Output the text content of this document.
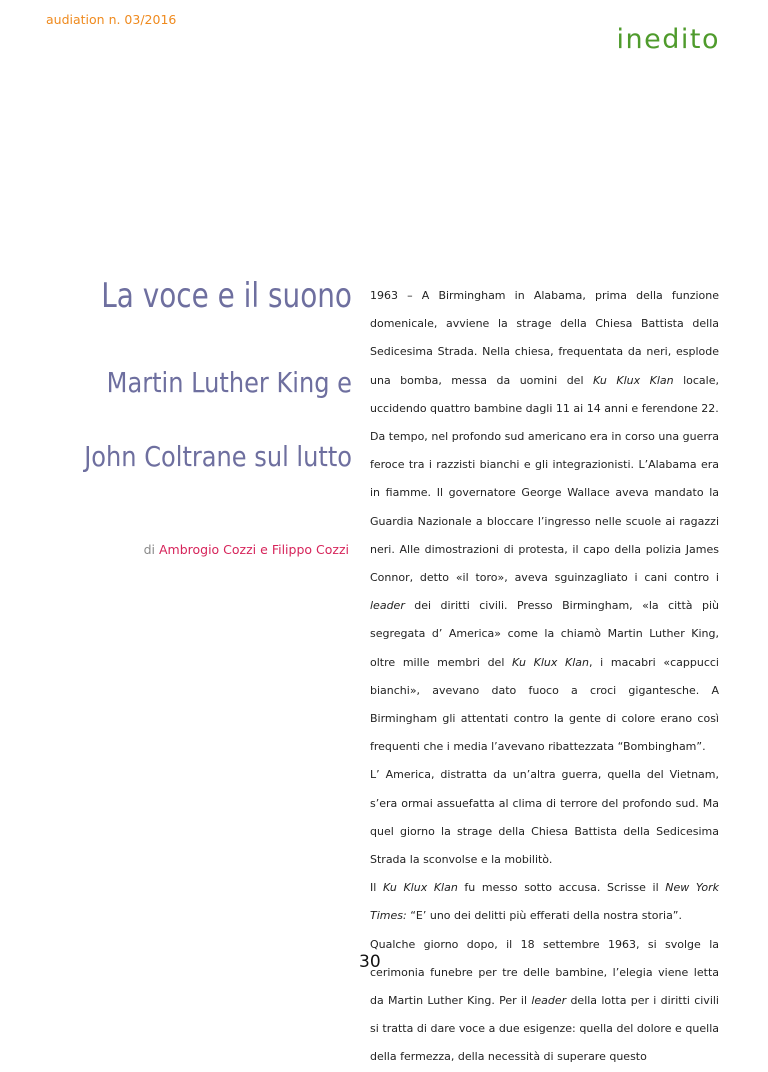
audiation n. 03/2016
inedito
La voce e il suono
Martin Luther King e
John Coltrane sul lutto
di Ambrogio Cozzi e Filippo Cozzi

1963 – A Birmingham in Alabama, prima della funzione domenicale, avviene la strage della Chiesa Battista della Sedicesima Strada. Nella chiesa, frequentata da neri, esplode una bomba, messa da uomini del Ku Klux Klan locale, uccidendo quattro bambine dagli 11 ai 14 anni e ferendone 22.

Da tempo, nel profondo sud americano era in corso una guerra feroce tra i razzisti bianchi e gli integrazionisti. L’Alabama era in fiamme. Il governatore George Wallace aveva mandato la Guardia Nazionale a bloccare l’ingresso nelle scuole ai ragazzi neri. Alle dimostrazioni di protesta, il capo della polizia James Connor, detto «il toro», aveva sguinzagliato i cani contro i leader dei diritti civili. Presso Birmingham, «la città più segregata d’ America» come la chiamò Martin Luther King, oltre mille membri del Ku Klux Klan, i macabri «cappucci bianchi», avevano dato fuoco a croci gigantesche. A Birmingham gli attentati contro la gente di colore erano così frequenti che i media l’avevano ribattezzata “Bombingham”.

L’ America, distratta da un’altra guerra, quella del Vietnam, s’era ormai assuefatta al clima di terrore del profondo sud. Ma quel giorno la strage della Chiesa Battista della Sedicesima Strada la sconvolse e la mobilitò.

Il Ku Klux Klan fu messo sotto accusa. Scrisse il New York Times: “E’ uno dei delitti più efferati della nostra storia”.

Qualche giorno dopo, il 18 settembre 1963, si svolge la cerimonia funebre per tre delle bambine, l’elegia viene letta da Martin Luther King. Per il leader della lotta per i diritti civili si tratta di dare voce a due esigenze: quella del dolore e quella della fermezza, della necessità di superare questo

30
